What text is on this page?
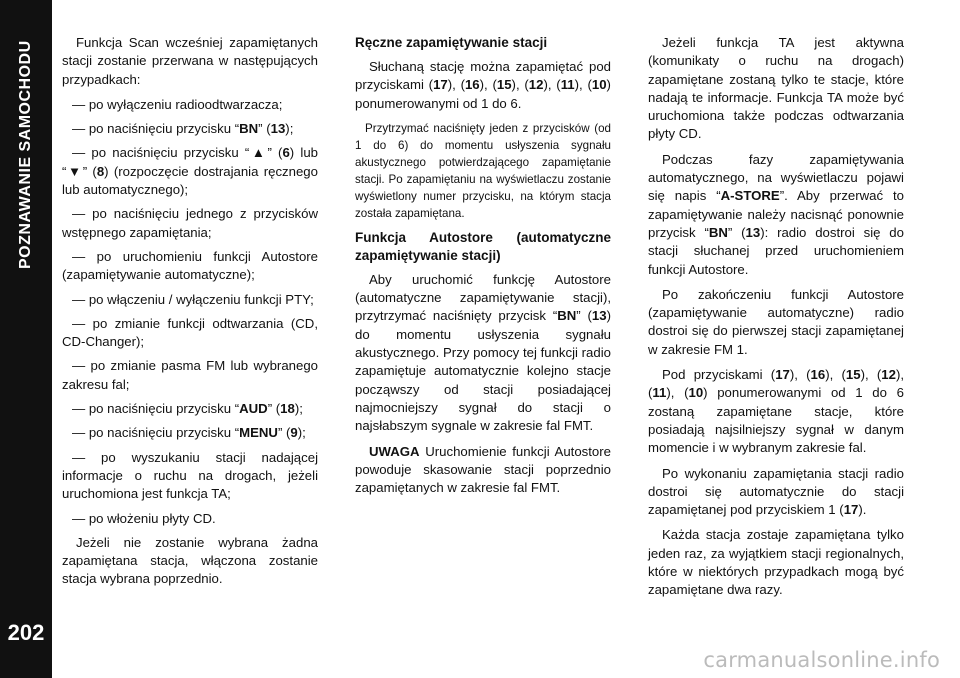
POZNAWANIE SAMOCHODU
202

Funkcja Scan wcześniej zapamiętanych stacji zostanie przerwana w następujących przypadkach:

— po wyłączeniu radioodtwarzacza;

— po naciśnięciu przycisku “BN” (13);

— po naciśnięciu przycisku “▲” (6) lub “▼” (8) (rozpoczęcie dostrajania ręcznego lub automatycznego);

— po naciśnięciu jednego z przycisków wstępnego zapamiętania;

— po uruchomieniu funkcji Autostore (zapamiętywanie automatyczne);

— po włączeniu / wyłączeniu funkcji PTY;

— po zmianie funkcji odtwarzania (CD, CD-Changer);

— po zmianie pasma FM lub wybranego zakresu fal;

— po naciśnięciu przycisku “AUD” (18);

— po naciśnięciu przycisku “MENU” (9);

— po wyszukaniu stacji nadającej informacje o ruchu na drogach, jeżeli uruchomiona jest funkcja TA;

— po włożeniu płyty CD.

Jeżeli nie zostanie wybrana żadna zapamiętana stacja, włączona zostanie stacja wybrana poprzednio.

Ręczne zapamiętywanie stacji

Słuchaną stację można zapamiętać pod przyciskami (17), (16), (15), (12), (11), (10) ponumerowanymi od 1 do 6.

Przytrzymać naciśnięty jeden z przycisków (od 1 do 6) do momentu usłyszenia sygnału akustycznego potwierdzającego zapamiętanie stacji. Po zapamiętaniu na wyświetlaczu zostanie wyświetlony numer przycisku, na którym stacja została zapamiętana.

Funkcja Autostore (automatyczne zapamiętywanie stacji)

Aby uruchomić funkcję Autostore (automatyczne zapamiętywanie stacji), przytrzymać naciśnięty przycisk “BN” (13) do momentu usłyszenia sygnału akustycznego. Przy pomocy tej funkcji radio zapamiętuje automatycznie kolejno stacje począwszy od stacji posiadającej najmocniejszy sygnał do stacji o najsłabszym sygnale w zakresie fal FMT.

UWAGA Uruchomienie funkcji Autostore powoduje skasowanie stacji poprzednio zapamiętanych w zakresie fal FMT.

Jeżeli funkcja TA jest aktywna (komunikaty o ruchu na drogach) zapamiętane zostaną tylko te stacje, które nadają te informacje. Funkcja TA może być uruchomiona także podczas odtwarzania płyty CD.

Podczas fazy zapamiętywania automatycznego, na wyświetlaczu pojawi się napis “A-STORE”. Aby przerwać to zapamiętywanie należy nacisnąć ponownie przycisk “BN” (13): radio dostroi się do stacji słuchanej przed uruchomieniem funkcji Autostore.

Po zakończeniu funkcji Autostore (zapamiętywanie automatyczne) radio dostroi się do pierwszej stacji zapamiętanej w zakresie FM 1.

Pod przyciskami (17), (16), (15), (12), (11), (10) ponumerowanymi od 1 do 6 zostaną zapamiętane stacje, które posiadają najsilniejszy sygnał w danym momencie i w wybranym zakresie fal.

Po wykonaniu zapamiętania stacji radio dostroi się automatycznie do stacji zapamiętanej pod przyciskiem 1 (17).

Każda stacja zostaje zapamiętana tylko jeden raz, za wyjątkiem stacji regionalnych, które w niektórych przypadkach mogą być zapamiętane dwa razy.

carmanualsonline.info
